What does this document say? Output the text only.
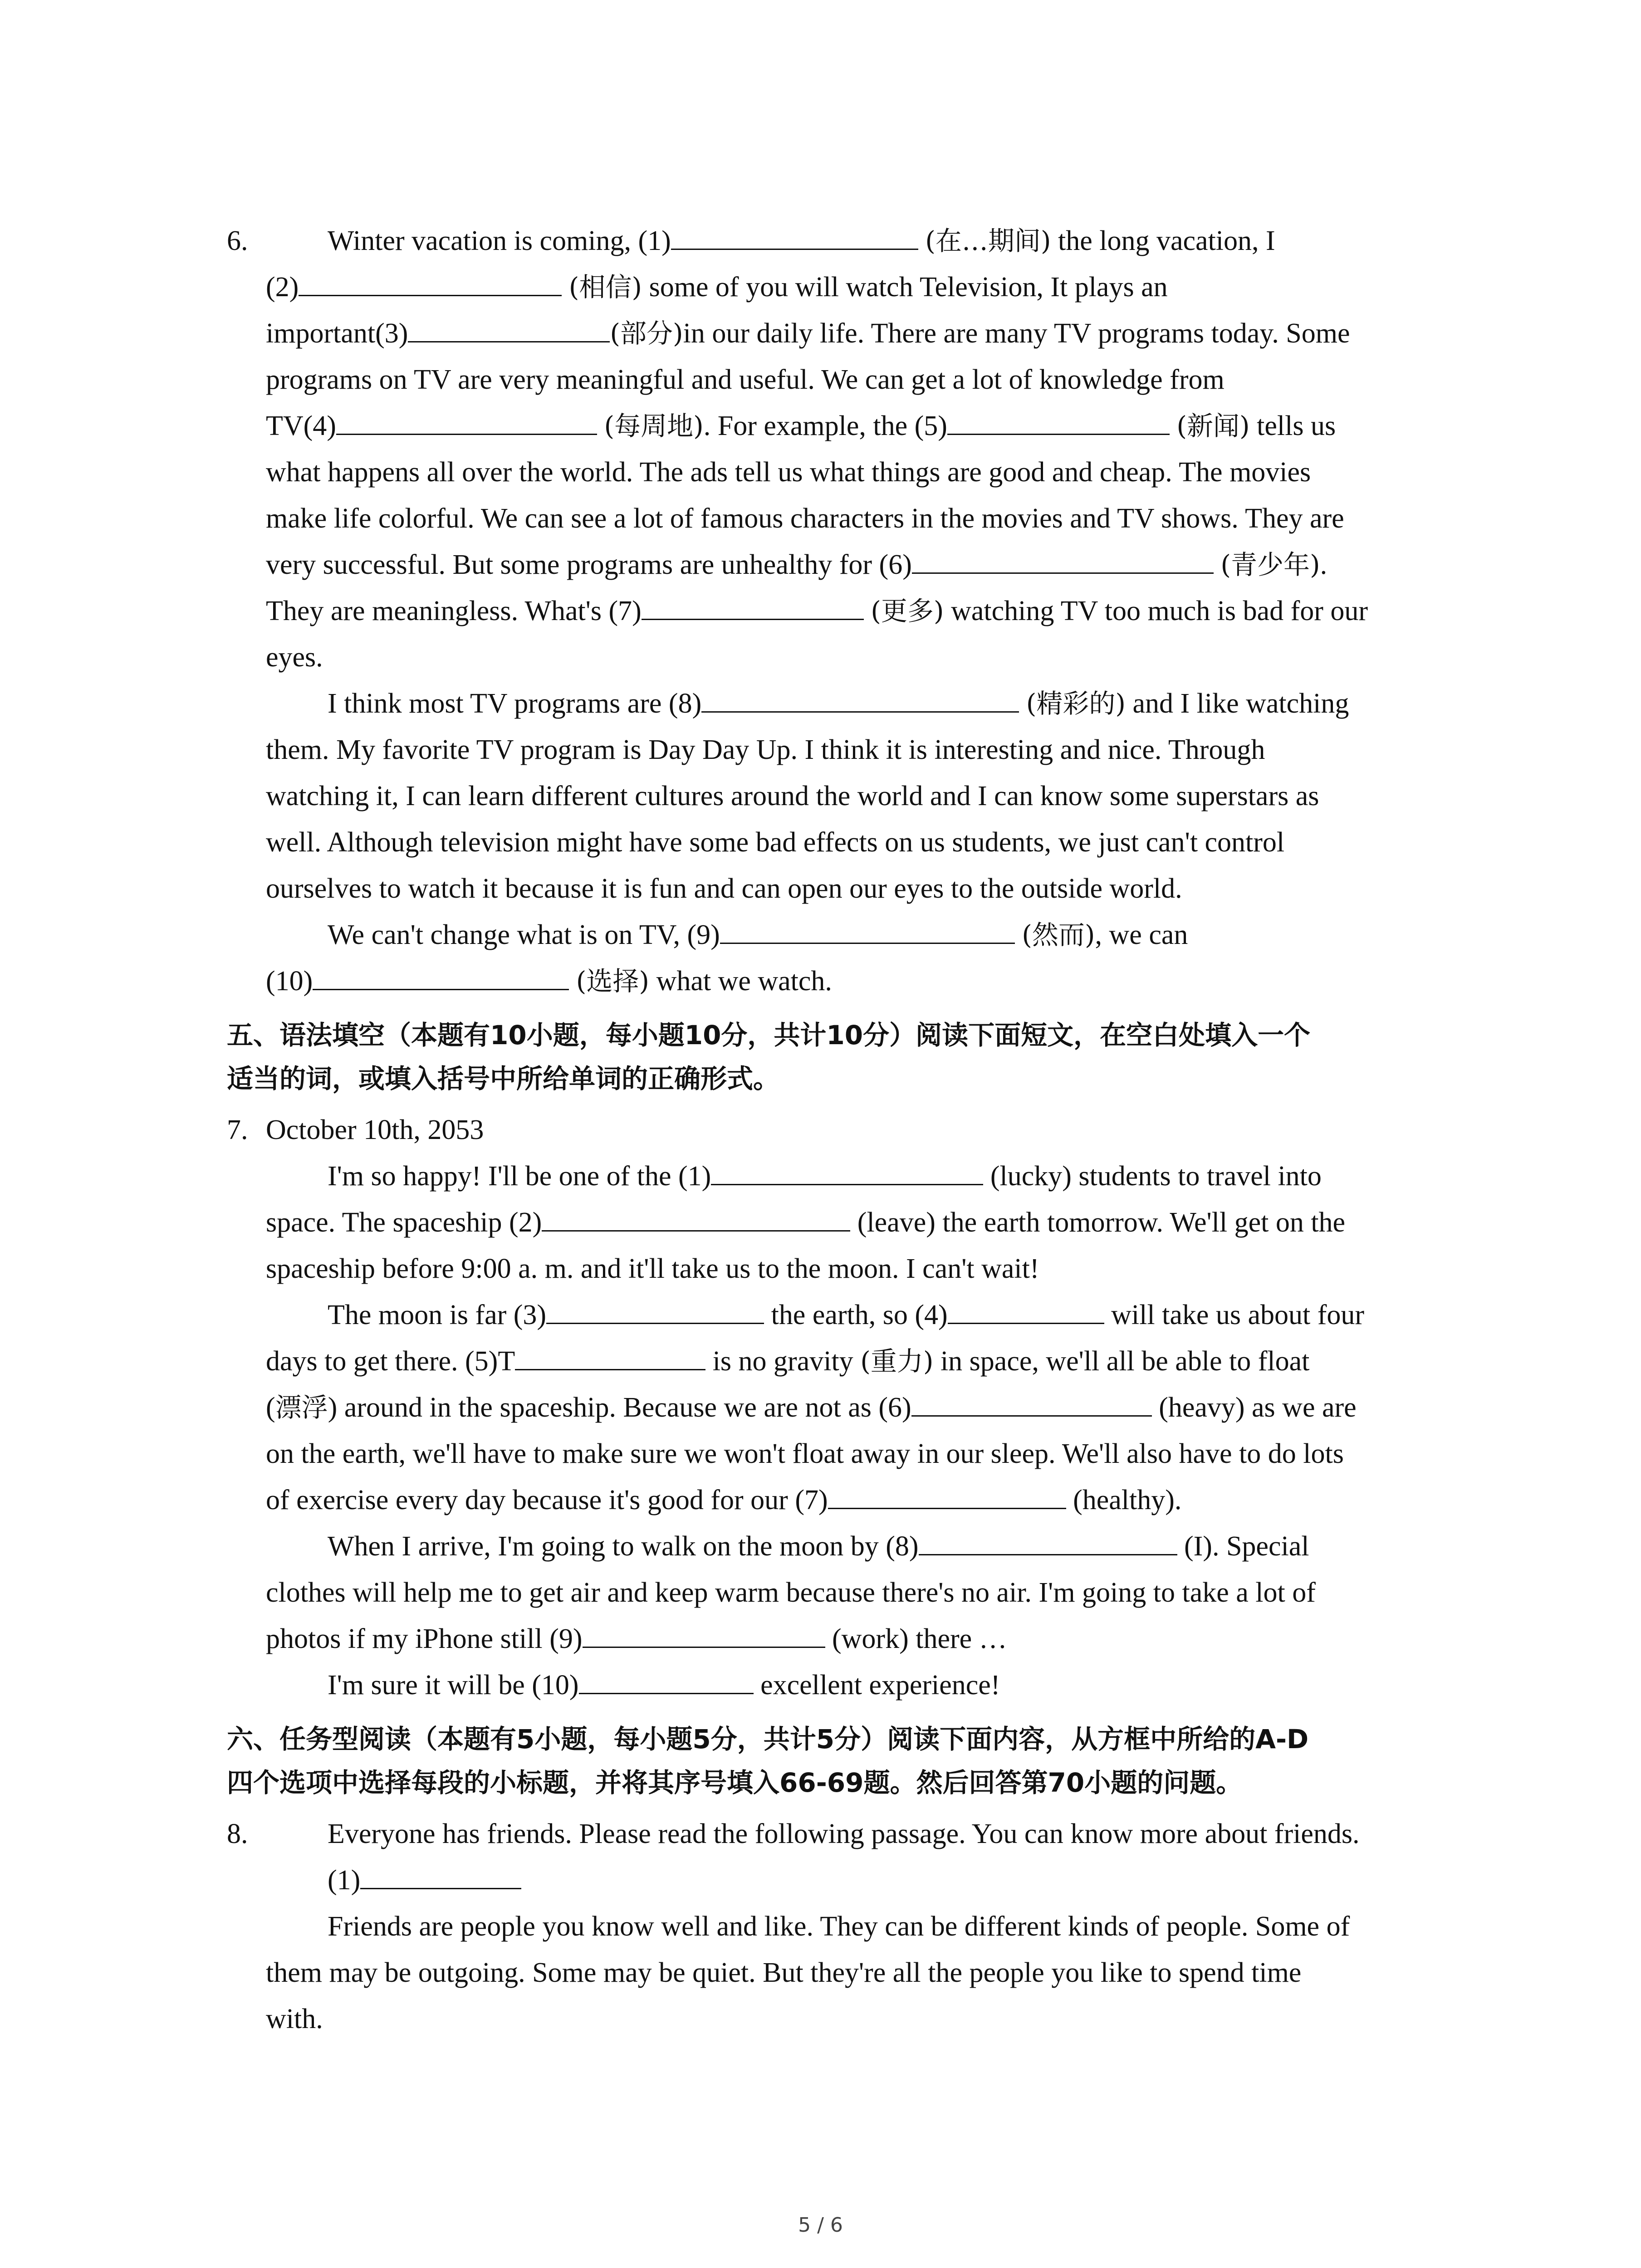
6.	Winter vacation is coming, (1)	(在…期间) the long vacation, I
(2)	(相信) some of you will watch Television, It plays an
important(3)	(部分)in our daily life. There are many TV programs today. Some
programs on TV are very meaningful and useful. We can get a lot of knowledge from
TV(4)	(每周地). For example, the (5)	(新闻) tells us
what happens all over the world. The ads tell us what things are good and cheap. The movies
make life colorful. We can see a lot of famous characters in the movies and TV shows. They are
very successful. But some programs are unhealthy for (6)	(青少年).
They are meaningless. What's (7)	(更多) watching TV too much is bad for our
eyes.
I think most TV programs are (8)	(精彩的) and I like watching
them. My favorite TV program is Day Day Up. I think it is interesting and nice. Through
watching it, I can learn different cultures around the world and I can know some superstars as
well. Although television might have some bad effects on us students, we just can't control
ourselves to watch it because it is fun and can open our eyes to the outside world.
We can't change what is on TV, (9)	(然而), we can
(10)	(选择) what we watch.
五、语法填空（本题有10小题，每小题10分，共计10分）阅读下面短文，在空白处填入一个
适当的词，或填入括号中所给单词的正确形式。
7. October 10th, 2053
I'm so happy! I'll be one of the (1)	(lucky) students to travel into
space. The spaceship (2)	(leave) the earth tomorrow. We'll get on the
spaceship before 9:00 a. m. and it'll take us to the moon. I can't wait!
The moon is far (3)	the earth, so (4)	will take us about four
days to get there. (5)T	is no gravity (重力) in space, we'll all be able to float
(漂浮) around in the spaceship. Because we are not as (6)	(heavy) as we are
on the earth, we'll have to make sure we won't float away in our sleep. We'll also have to do lots
of exercise every day because it's good for our (7)	(healthy).
When I arrive, I'm going to walk on the moon by (8)	(I). Special
clothes will help me to get air and keep warm because there's no air. I'm going to take a lot of
photos if my iPhone still (9)	(work) there …
I'm sure it will be (10)	excellent experience!
六、任务型阅读（本题有5小题，每小题5分，共计5分）阅读下面内容，从方框中所给的A-D
四个选项中选择每段的小标题，并将其序号填入66-69题。然后回答第70小题的问题。
8.	Everyone has friends. Please read the following passage. You can know more about friends.
(1)
Friends are people you know well and like. They can be different kinds of people. Some of
them may be outgoing. Some may be quiet. But they're all the people you like to spend time
with.
5 / 6
